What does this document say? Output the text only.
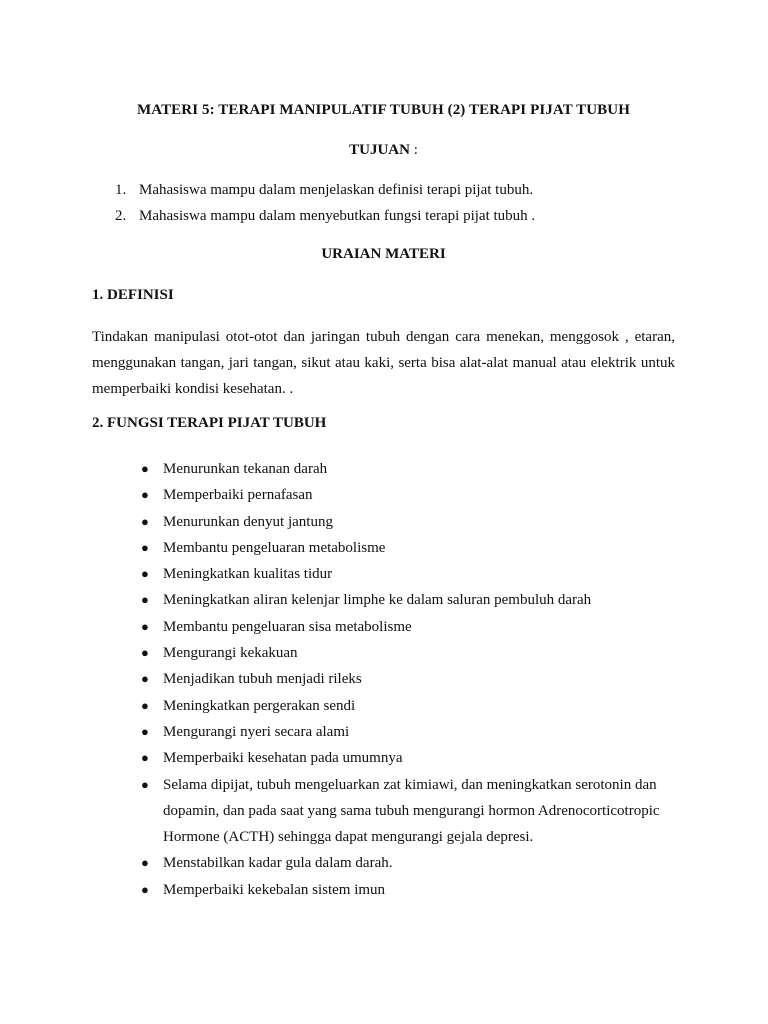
MATERI 5: TERAPI MANIPULATIF TUBUH (2) TERAPI PIJAT TUBUH
TUJUAN :
1. Mahasiswa mampu dalam menjelaskan definisi terapi pijat tubuh.
2. Mahasiswa mampu dalam menyebutkan fungsi terapi pijat tubuh .
URAIAN MATERI
1. DEFINISI

Tindakan manipulasi otot-otot dan jaringan tubuh dengan cara menekan, menggosok , etaran, menggunakan tangan, jari tangan, sikut atau kaki, serta bisa alat-alat manual atau elektrik untuk memperbaiki kondisi kesehatan. .

2. FUNGSI TERAPI PIJAT TUBUH
● Menurunkan tekanan darah
● Memperbaiki pernafasan
● Menurunkan denyut jantung
● Membantu pengeluaran metabolisme
● Meningkatkan kualitas tidur
● Meningkatkan aliran kelenjar limphe ke dalam saluran pembuluh darah
● Membantu pengeluaran sisa metabolisme
● Mengurangi kekakuan
● Menjadikan tubuh menjadi rileks
● Meningkatkan pergerakan sendi
● Mengurangi nyeri secara alami
● Memperbaiki kesehatan pada umumnya
● Selama dipijat, tubuh mengeluarkan zat kimiawi, dan meningkatkan serotonin dan dopamin, dan pada saat yang sama tubuh mengurangi hormon Adrenocorticotropic Hormone (ACTH) sehingga dapat mengurangi gejala depresi.
● Menstabilkan kadar gula dalam darah.
● Memperbaiki kekebalan sistem imun
